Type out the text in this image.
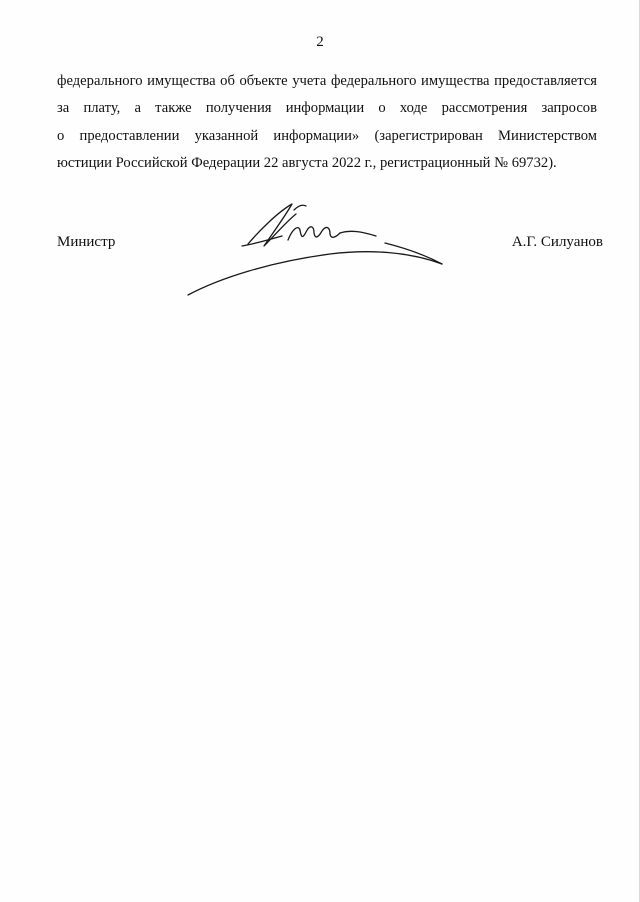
2
федерального имущества об объекте учета федерального имущества предоставляется
за плату, а также получения информации о ходе рассмотрения запросов
о предоставлении указанной информации» (зарегистрирован Министерством
юстиции Российской Федерации 22 августа 2022 г., регистрационный № 69732).
Министр	А.Г. Силуанов
